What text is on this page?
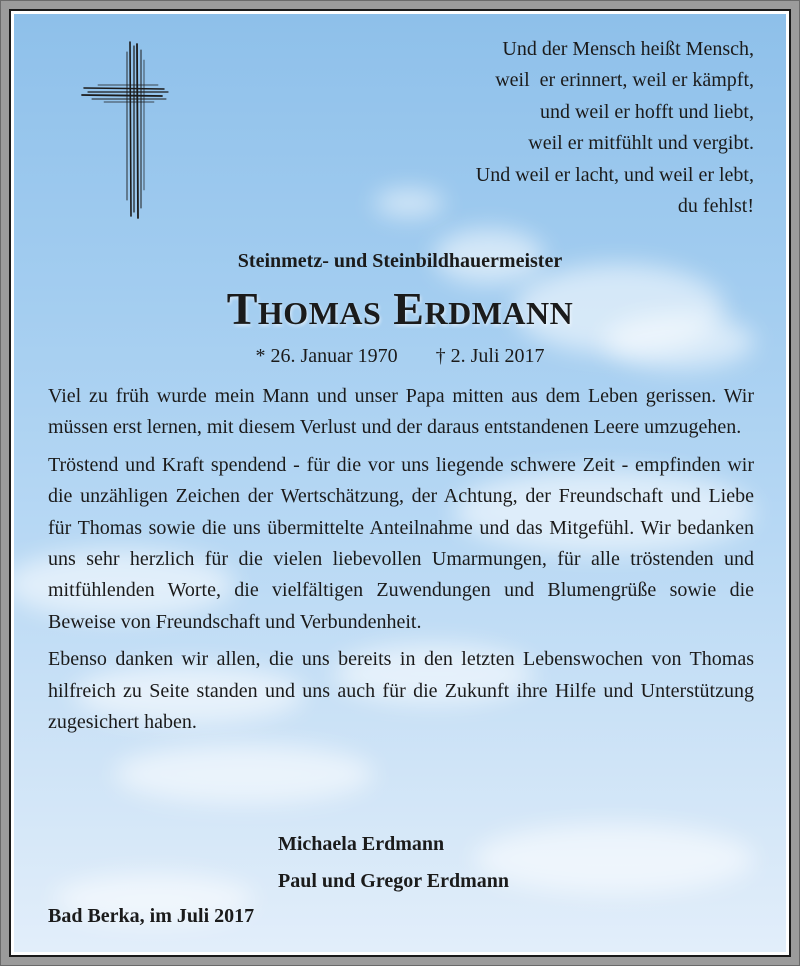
Und der Mensch heißt Mensch,
weil  er erinnert, weil er kämpft,
und weil er hofft und liebt,
weil er mitfühlt und vergibt.
Und weil er lacht, und weil er lebt,
du fehlst!
Steinmetz- und Steinbildhauermeister
Thomas Erdmann
* 26. Januar 1970 † 2. Juli 2017

Viel zu früh wurde mein Mann und unser Papa mitten aus dem Leben gerissen. Wir müssen erst lernen, mit diesem Verlust und der daraus entstandenen Leere umzugehen.

Tröstend und Kraft spendend - für die vor uns liegende schwere Zeit - empfinden wir die unzähligen Zeichen der Wertschätzung, der Achtung, der Freundschaft und Liebe für Thomas sowie die uns übermittelte Anteilnahme und das Mitgefühl. Wir bedanken uns sehr herzlich für die vielen liebevollen Umarmungen, für alle tröstenden und mitfühlenden Worte, die vielfältigen Zuwendungen und Blumengrüße sowie die Beweise von Freundschaft und Verbundenheit.

Ebenso danken wir allen, die uns bereits in den letzten Lebenswochen von Thomas hilfreich zu Seite standen und uns auch für die Zukunft ihre Hilfe und Unterstützung zugesichert haben.

Michaela Erdmann
Paul und Gregor Erdmann
Bad Berka, im Juli 2017
